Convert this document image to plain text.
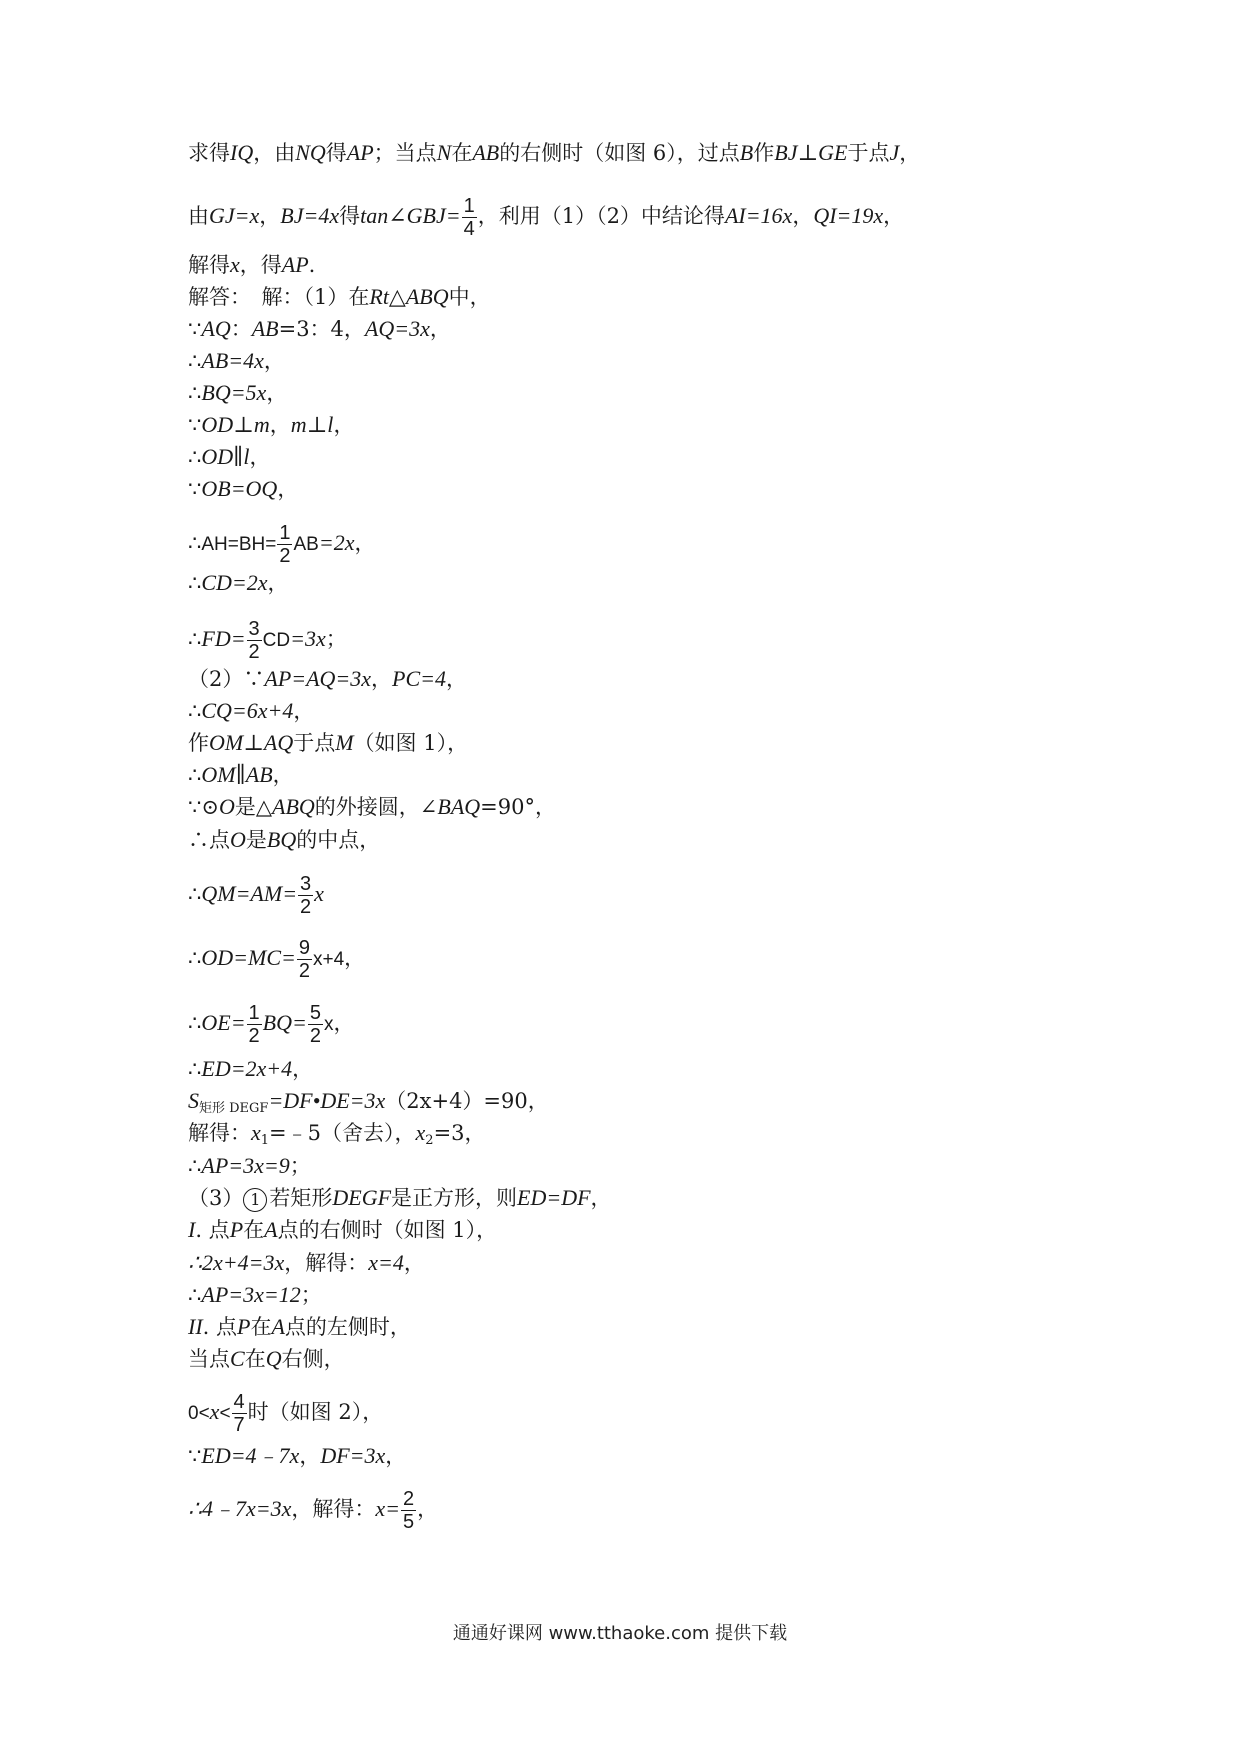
求得IQ，由NQ得AP；当点N在AB的右侧时（如图 6），过点B作BJ⊥GE于点J，
由GJ=x，BJ=4x得tan∠GBJ= $\frac{1}{4}$ ，利用（1）（2）中结论得AI=16x，QI=19x，
解得x，得AP.
解答：　解：（1）在Rt△ABQ中，
∵AQ：AB=3：4，AQ=3x，
∴AB=4x，
∴BQ=5x，
∵OD⊥m，m⊥l，
∴OD∥l，
∵OB=OQ，
∴AH=BH= $\frac{1}{2} AB=2x$，
∴CD=2x，
∴FD= $\frac{3}{2} CD=3x$；
（2）∵AP=AQ=3x，PC=4，
∴CQ=6x+4，
作OM⊥AQ于点M（如图 1），
∴OM∥AB，
∵⊙O是△ABQ的外接圆，∠BAQ=90°，
∴点O是BQ的中点，
∴QM=AM= $\frac{3}{2}$ x
∴OD=MC= $\frac{9}{2} x+4$，
∴OE= $\frac{1}{2} BQ= \frac{5}{2}$ x，
∴ED=2x+4，
$S_{矩形 DEGF}=DF•DE=3x(2x+4)=90$，
解得：$x_1=﹣5$（舍去），$x_2=3$，
∴AP=3x=9；
（3） 1 若矩形DEGF是正方形，则ED=DF，
I. 点P在A点的右侧时（如图 1），
∴2x+4=3x，解得：x=4，
∴AP=3x=12；
II. 点P在A点的左侧时，
当点C在Q右侧，
$0<x< \frac{4}{7}$ 时（如图 2），
∵ED=4﹣7x，DF=3x，
∴4﹣7x=3x，解得：$x= \frac{2}{5}$ ，
通通好课网 www.tthaoke.com 提供下载
